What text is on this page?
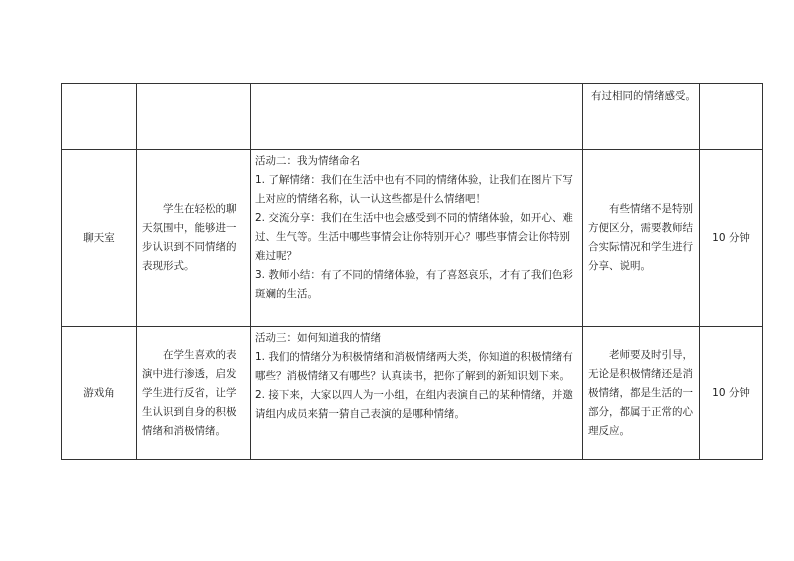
			有过相同的情绪感受。	
聊天室	学生在轻松的聊天氛围中，能够进一步认识到不同情绪的表现形式。	活动二：我为情绪命名

1. 了解情绪：我们在生活中也有不同的情绪体验，让我们在图片下写上对应的情绪名称，认一认这些都是什么情绪吧！

2. 交流分享：我们在生活中也会感受到不同的情绪体验，如开心、难过、生气等。生活中哪些事情会让你特别开心？哪些事情会让你特别难过呢？

3. 教师小结：有了不同的情绪体验，有了喜怒哀乐，才有了我们色彩斑斓的生活。	有些情绪不是特别方便区分，需要教师结合实际情况和学生进行分享、说明。	10 分钟
游戏角	在学生喜欢的表演中进行渗透，启发学生进行反省，让学生认识到自身的积极情绪和消极情绪。	活动三：如何知道我的情绪

1. 我们的情绪分为积极情绪和消极情绪两大类，你知道的积极情绪有哪些？消极情绪又有哪些？认真读书，把你了解到的新知识划下来。

2. 接下来，大家以四人为一小组，在组内表演自己的某种情绪，并邀请组内成员来猜一猜自己表演的是哪种情绪。	老师要及时引导，无论是积极情绪还是消极情绪，都是生活的一部分，都属于正常的心理反应。	10 分钟
